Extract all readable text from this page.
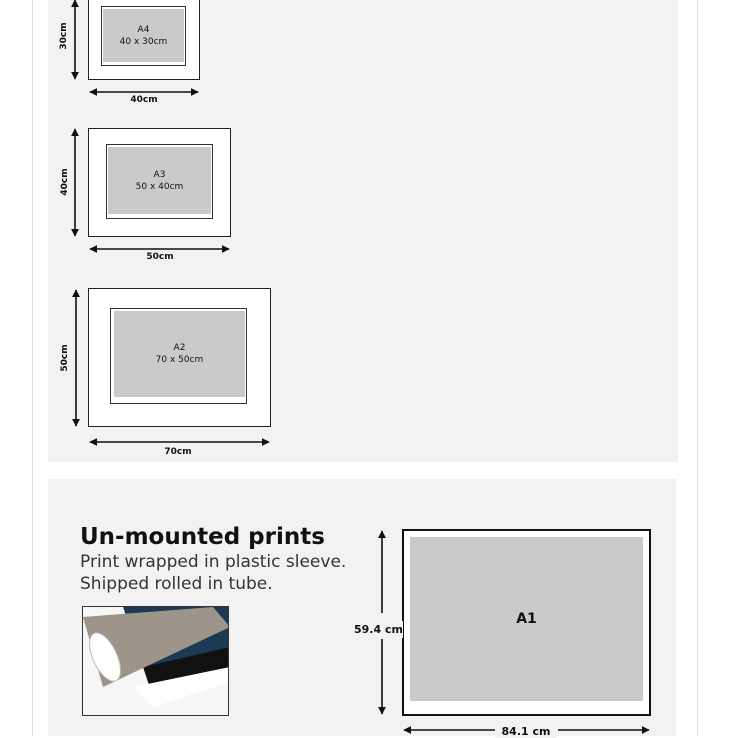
A4
40 x 30cm
30cm
40cm
A3
50 x 40cm
40cm
50cm
A2
70 x 50cm
50cm
70cm
Un-mounted prints
Print wrapped in plastic sleeve.
Shipped rolled in tube.
A1
59.4 cm
84.1 cm
